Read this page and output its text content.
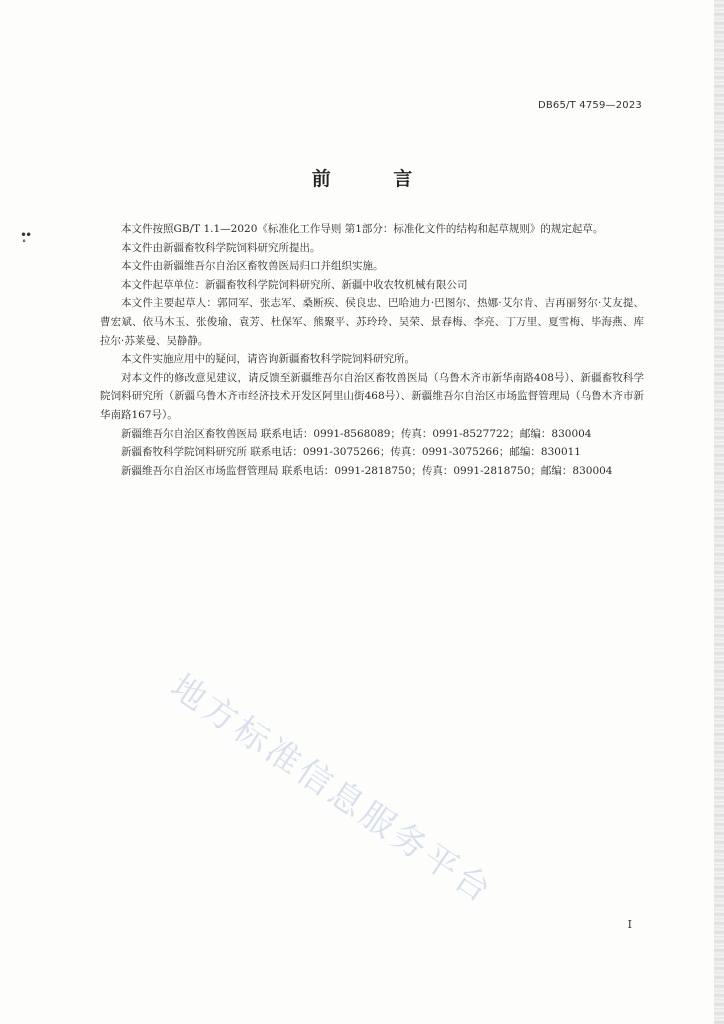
•̥•
DB65/T 4759—2023
前 言

本文件按照GB/T 1.1—2020《标准化工作导则 第1部分：标准化文件的结构和起草规则》的规定起草。

本文件由新疆畜牧科学院饲料研究所提出。

本文件由新疆维吾尔自治区畜牧兽医局归口并组织实施。

本文件起草单位：新疆畜牧科学院饲料研究所、新疆中收农牧机械有限公司

本文件主要起草人：郭同军、张志军、桑断疾、侯良忠、巴哈迪力·巴图尔、热娜·艾尔肯、吉再丽努尔·艾友提、曹宏斌、依马木玉、张俊瑜、袁芳、杜保军、熊聚平、苏玲玲、吴荣、景春梅、李亮、丁万里、夏雪梅、毕海燕、库拉尔·苏莱曼、吴静静。

本文件实施应用中的疑问，请咨询新疆畜牧科学院饲料研究所。

对本文件的修改意见建议，请反馈至新疆维吾尔自治区畜牧兽医局（乌鲁木齐市新华南路408号）、新疆畜牧科学院饲料研究所（新疆乌鲁木齐市经济技术开发区阿里山街468号）、新疆维吾尔自治区市场监督管理局（乌鲁木齐市新华南路167号）。

新疆维吾尔自治区畜牧兽医局 联系电话：0991-8568089；传真：0991-8527722；邮编：830004

新疆畜牧科学院饲料研究所 联系电话：0991-3075266；传真：0991-3075266；邮编：830011

新疆维吾尔自治区市场监督管理局 联系电话：0991-2818750；传真：0991-2818750；邮编：830004

地方标准信息服务平台
I
